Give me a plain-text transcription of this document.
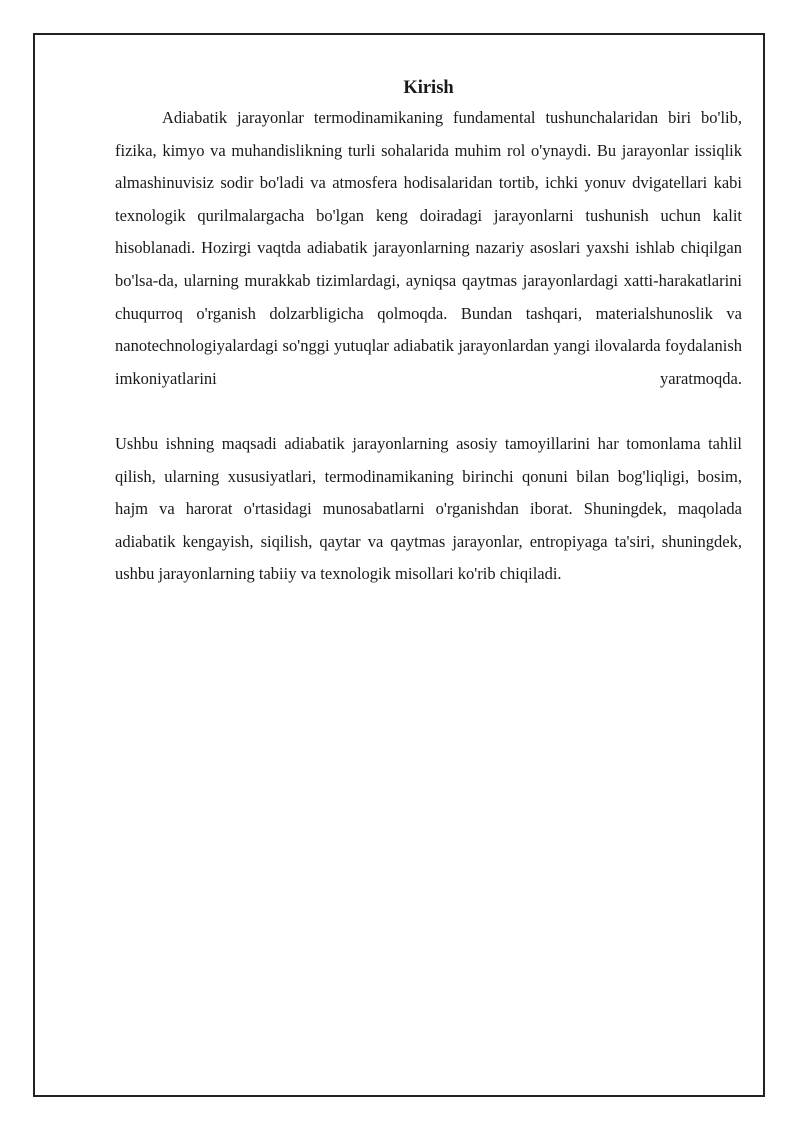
Kirish

Adiabatik jarayonlar termodinamikaning fundamental tushunchalaridan biri bo'lib, fizika, kimyo va muhandislikning turli sohalarida muhim rol o'ynaydi. Bu jarayonlar issiqlik almashinuvisiz sodir bo'ladi va atmosfera hodisalaridan tortib, ichki yonuv dvigatellari kabi texnologik qurilmalargacha bo'lgan keng doiradagi jarayonlarni tushunish uchun kalit hisoblanadi. Hozirgi vaqtda adiabatik jarayonlarning nazariy asoslari yaxshi ishlab chiqilgan bo'lsa-da, ularning murakkab tizimlardagi, ayniqsa qaytmas jarayonlardagi xatti-harakatlarini chuqurroq o'rganish dolzarbligicha qolmoqda. Bundan tashqari, materialshunoslik va nanotechnologiyalardagi so'nggi yutuqlar adiabatik jarayonlardan yangi ilovalarda foydalanish imkoniyatlarini yaratmoqda.

Ushbu ishning maqsadi adiabatik jarayonlarning asosiy tamoyillarini har tomonlama tahlil qilish, ularning xususiyatlari, termodinamikaning birinchi qonuni bilan bog'liqligi, bosim, hajm va harorat o'rtasidagi munosabatlarni o'rganishdan iborat. Shuningdek, maqolada adiabatik kengayish, siqilish, qaytar va qaytmas jarayonlar, entropiyaga ta'siri, shuningdek, ushbu jarayonlarning tabiiy va texnologik misollari ko'rib chiqiladi.
